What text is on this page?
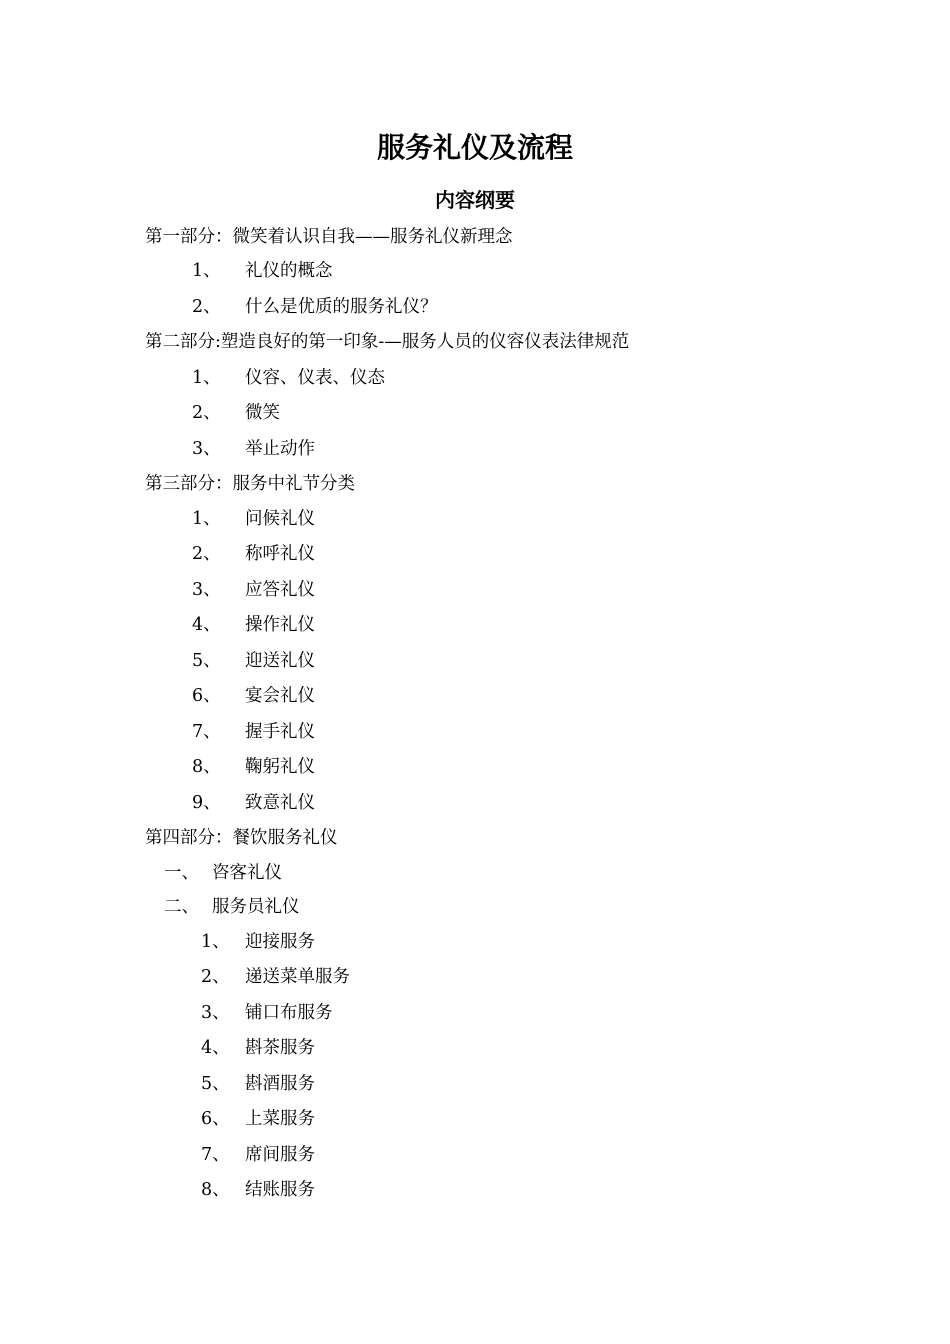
服务礼仪及流程
内容纲要
第一部分：微笑着认识自我——服务礼仪新理念
1、 礼仪的概念
2、 什么是优质的服务礼仪？
第二部分:塑造良好的第一印象-—服务人员的仪容仪表法律规范
1、 仪容、仪表、仪态
2、 微笑
3、 举止动作
第三部分：服务中礼节分类
1、 问候礼仪
2、 称呼礼仪
3、 应答礼仪
4、 操作礼仪
5、 迎送礼仪
6、 宴会礼仪
7、 握手礼仪
8、 鞠躬礼仪
9、 致意礼仪
第四部分：餐饮服务礼仪
一、 咨客礼仪
二、 服务员礼仪
1、 迎接服务
2、 递送菜单服务
3、 铺口布服务
4、 斟茶服务
5、 斟酒服务
6、 上菜服务
7、 席间服务
8、 结账服务
